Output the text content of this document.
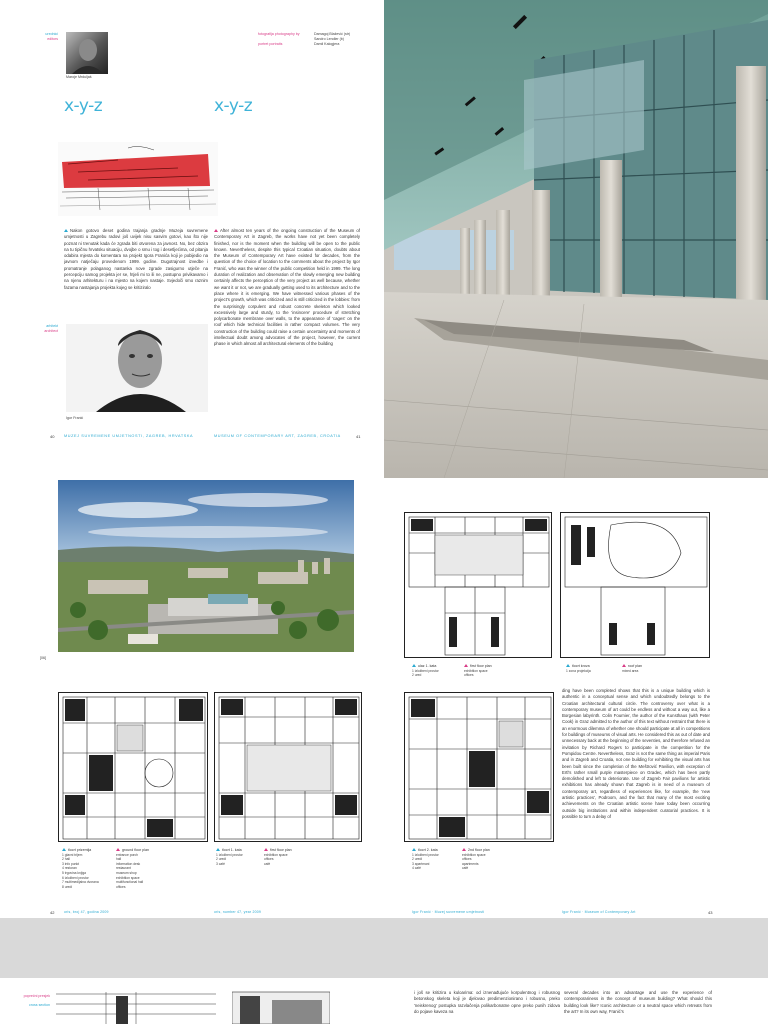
urednici
editors
Maroje Mrduljaš
fotografija photography by
portret portraits
Damagoj Blažević (str)
Sandro Lendler (b)
Damil Kalogjera
x-y-z	x-y-z

Nakon gotovo deset godina trajanja gradnje Muzeja suvremene umjetnosti u Zagrebu radovi još uvijek nisu sasvim gotovi, kao što nije poznat ni trenutak kada će zgrada biti otvorena za javnost. No, bez obzira na tu tipičnu hrvatsku situaciju, dvojbe o smu i tog i desetljećima, od pitanja odabira mjesta do komentara na projekt Igora Franića koji je pobijedio na javnom natječaju provedenom 1999. godine. Dugotrajnost izvedbe i promatranje polaganog nastanka nove zgrade zasigurno utječe na percepciju samog projekta jer se, htjeli mi to ili ne, postupno privikavamo i na njenu arhitekturu i na mjesto na kojem nastaje. Svjedoči smo raznim fazama nastajanja projekta kojeg se kritiziralo

After almost ten years of the ongoing construction of the Museum of Contemporary Art in Zagreb, the works have not yet been completely finished, nor is the moment when the building will be open to the public known. Nevertheless, despite this typical Croatian situation, doubts about the Museum of Contemporary Art have existed for decades, from the question of the choice of location to the comments about the project by Igor Franić, who was the winner of the public competition held in 1999. The long duration of realization and observation of the slowly emerging new building certainly affects the perception of the very project as well because, whether we want it or not, we are gradually getting used to its architecture and to the place where it is emerging. We have witnessed various phases of the project's growth, which was criticized and is still criticized in the lobbies: from the surprisingly corpulent and robust concrete skeleton which looked excessively large and sturdy, to the 'insincere' procedure of stretching polycarbonate membrane over walls, to the appearance of 'cages' on the roof which hide technical facilities in rather compact volumes. The very construction of the building could raise a certain uncertainty and moments of intellectual doubt among advocates of the project, however, the current phase in which almost all architectural elements of the building

arhitekt
architect
Igor Franić
40	MUZEJ SUVREMENE UMJETNOSTI, ZAGREB, HRVATSKA	MUSEUM OF CONTEMPORARY ART, ZAGREB, CROATIA	41
[06]
ulaz 1. kata
1 izložbeni prostor
2 ured
first floor plan
exhibition space
offices
tlocrt krova
1 zona projekcija
roof plan
mixed area
tlocrt prizemlja
1 glavni trijem
2 hall
3 info punkt
4 restoran
5 trgovina knjiga
6 izložbeni prostor
7 multimedijalna dvorana
8 uredi
ground floor plan
entrance porch
hall
information desk
restaurant
museum shop
exhibition space
multifunctional hall
offices
tlocrt 1. kata
1 izložbeni prostor
2 uredi
3 café
first floor plan
exhibition space
offices
café
tlocrt 2. kata
1 izložbeni prostor
2 uredi
3 apartmani
4 café
2nd floor plan
exhibition space
offices
apartments
café

ding have been completed shows that this is a unique building which is authentic in a conceptual sense and which undoubtedly belongs to the Croatian architectural cultural circle. The controversy over what is a contemporary museum of art could be endless and without a way out, like a Borgesian labyrinth. Colin Fournier, the author of the Kunsthaus (with Peter Cook) in Graz admitted to the author of this text without restraint that there is an enormous dilemma of whether one should participate at all in competitions for buildings of museums of visual arts. He considered this as out of date and unnecessary back at the beginning of the seventies, and therefore refused an invitation by Richard Rogers to participate in the competition for the Pompidou Centre. Nevertheless, Graz is not the same thing as imperial Paris and in Zagreb and Croatia, not one building for exhibiting the visual arts has been built since the completion of the Meštrović Pavilion, with exception of Ertl's rather small purple masterpiece on Gradec, which has been partly demolished and left to deteriorate. Use of Zagreb Fair pavilions for artistic exhibitions has already shown that Zagreb is in need of a museum of contemporary art, regardless of experiences like, for example, the 'new artistic practices', Podroom, and the fact that many of the most exciting achievements on the Croatian artistic scene have today been occurring outside big institutions and within independent curatorial practices. It is possible to turn a delay of

42	oris, broj 47, godina 2009	oris, number 47, year 2009	Igor Franić · Muzej suvremene umjetnosti	Igor Franić · Museum of Contemporary Art	43
poprečni presjek
cross section

i još se kritizira u kuloarima: od iznenađujuće korpulentnog i robusnog betonskog skeleta koji je djelovao predimenzionirano i robusno, preko 'neiskrenog' postupka razvlačenja polikarbonatne opne preko punih zidova do pojave kaveza na

several decades into an advantage and use the experience of contemporariness in the concept of museum building? What should this building look like? Iconic architecture or a neutral space which retreats from the art? In its own way, Franić's
